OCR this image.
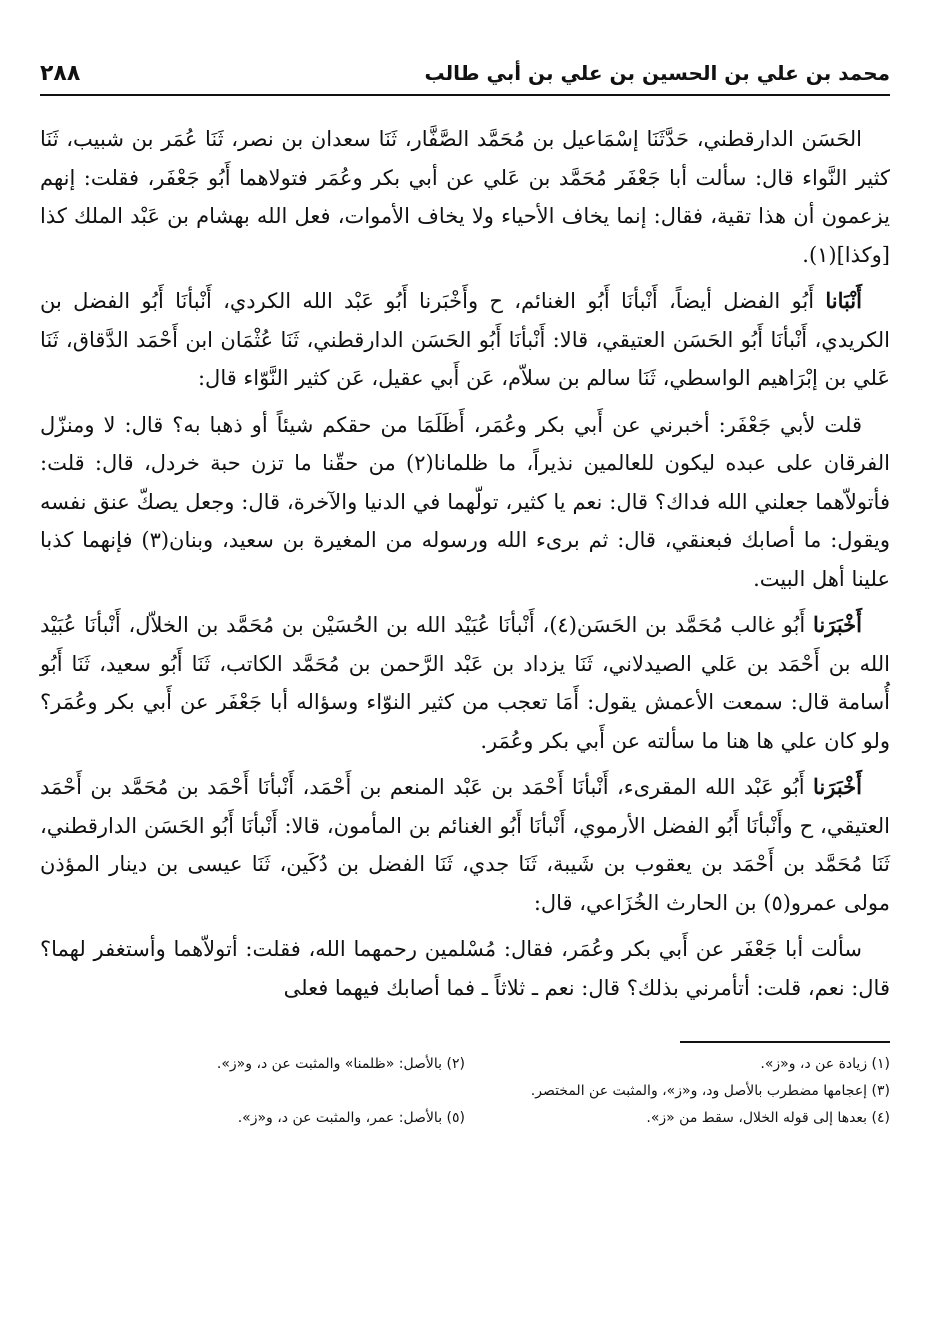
محمد بن علي بن الحسين بن علي بن أبي طالب
٢٨٨

الحَسَن الدارقطني، حَدَّثَنَا إسْمَاعيل بن مُحَمَّد الصَّفَّار، ثَنَا سعدان بن نصر، ثَنَا عُمَر بن شبيب، ثَنَا كثير النَّواء قال: سألت أبا جَعْفَر مُحَمَّد بن عَلي عن أبي بكر وعُمَر فتولاهما أَبُو جَعْفَر، فقلت: إنهم يزعمون أن هذا تقية، فقال: إنما يخاف الأحياء ولا يخاف الأموات، فعل الله بهشام بن عَبْد الملك كذا [وكذا](١).

أَنْبَانا أَبُو الفضل أيضاً، أَنْبأنَا أَبُو الغنائم، ح وأَخْبَرنا أَبُو عَبْد الله الكردي، أَنْبأنَا أَبُو الفضل بن الكريدي، أَنْبأنَا أَبُو الحَسَن العتيقي، قالا: أَنْبأنَا أَبُو الحَسَن الدارقطني، ثَنَا عُثْمَان ابن أَحْمَد الدَّقاق، ثَنَا عَلي بن إبْرَاهيم الواسطي، ثَنَا سالم بن سلاّم، عَن أَبي عقيل، عَن كثير النَّوّاء قال:

قلت لأبي جَعْفَر: أخبرني عن أَبي بكر وعُمَر، أَظَلَمَا من حقكم شيئاً أو ذهبا به؟ قال: لا ومنزّل الفرقان على عبده ليكون للعالمين نذيراً، ما ظلمانا(٢) من حقّنا ما تزن حبة خردل، قال: قلت: فأتولاّهما جعلني الله فداك؟ قال: نعم يا كثير، تولّهما في الدنيا والآخرة، قال: وجعل يصكّ عنق نفسه ويقول: ما أصابك فبعنقي، قال: ثم برىء الله ورسوله من المغيرة بن سعيد، وبنان(٣) فإنهما كذبا علينا أهل البيت.

أَخْبَرَنا أَبُو غالب مُحَمَّد بن الحَسَن(٤)، أَنْبأنَا عُبَيْد الله بن الحُسَيْن بن مُحَمَّد بن الخلاّل، أَنْبأنَا عُبَيْد الله بن أَحْمَد بن عَلي الصيدلاني، ثَنَا يزداد بن عَبْد الرَّحمن بن مُحَمَّد الكاتب، ثَنَا أَبُو سعيد، ثَنَا أَبُو أُسامة قال: سمعت الأعمش يقول: أَمَا تعجب من كثير النوّاء وسؤاله أبا جَعْفَر عن أَبي بكر وعُمَر؟ ولو كان علي ها هنا ما سألته عن أَبي بكر وعُمَر.

أَخْبَرَنا أَبُو عَبْد الله المقرىء، أَنْبأنَا أَحْمَد بن عَبْد المنعم بن أَحْمَد، أَنْبأنَا أَحْمَد بن مُحَمَّد بن أَحْمَد العتيقي، ح وأَنْبأنَا أَبُو الفضل الأرموي، أَنْبأنَا أَبُو الغنائم بن المأمون، قالا: أَنْبأنَا أَبُو الحَسَن الدارقطني، ثَنَا مُحَمَّد بن أَحْمَد بن يعقوب بن شَيبة، ثَنَا جدي، ثَنَا الفضل بن دُكَين، ثَنَا عيسى بن دينار المؤذن مولى عمرو(٥) بن الحارث الخُزَاعي، قال:

سألت أبا جَعْفَر عن أَبي بكر وعُمَر، فقال: مُسْلمين رحمهما الله، فقلت: أتولاّهما وأستغفر لهما؟ قال: نعم، قلت: أتأمرني بذلك؟ قال: نعم ـ ثلاثاً ـ فما أصابك فيهما فعلى

(١) زيادة عن د، و«ز».
(٢) بالأصل: «ظلمنا» والمثبت عن د، و«ز».
(٣) إعجامها مضطرب بالأصل ود، و«ز»، والمثبت عن المختصر.
(٤) بعدها إلى قوله الخلال، سقط من «ز».
(٥) بالأصل: عمر، والمثبت عن د، و«ز».
